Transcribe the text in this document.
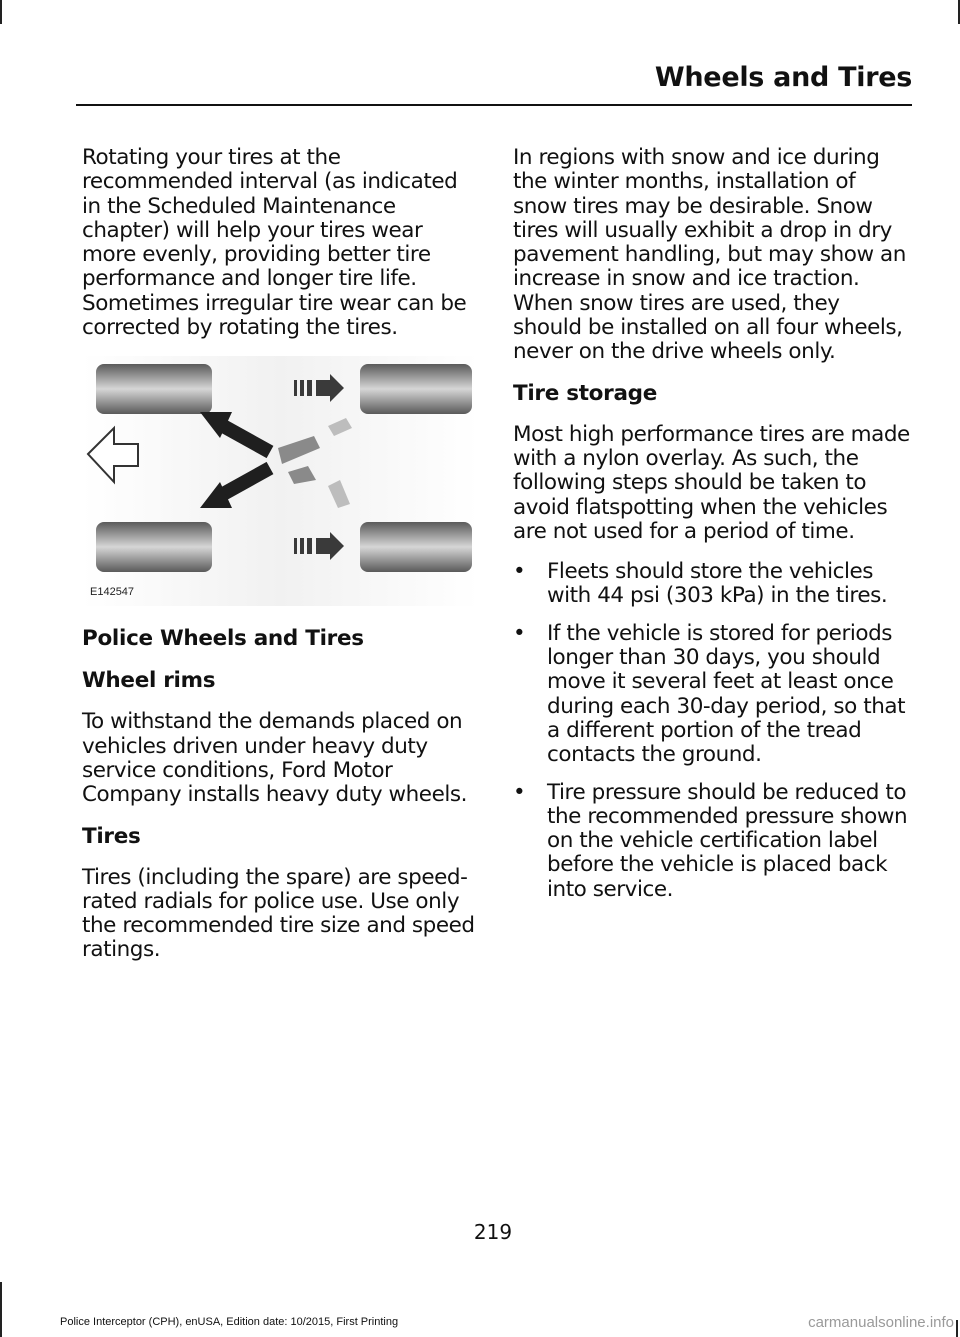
Wheels and Tires

Rotating your tires at the recommended interval (as indicated in the Scheduled Maintenance chapter) will help your tires wear more evenly, providing better tire performance and longer tire life. Sometimes irregular tire wear can be corrected by rotating the tires.

E142547
Police Wheels and Tires
Wheel rims

To withstand the demands placed on vehicles driven under heavy duty service conditions, Ford Motor Company installs heavy duty wheels.

Tires

Tires (including the spare) are speed-rated radials for police use. Use only the recommended tire size and speed ratings.

In regions with snow and ice during the winter months, installation of snow tires may be desirable. Snow tires will usually exhibit a drop in dry pavement handling, but may show an increase in snow and ice traction. When snow tires are used, they should be installed on all four wheels, never on the drive wheels only.

Tire storage

Most high performance tires are made with a nylon overlay. As such, the following steps should be taken to avoid flatspotting when the vehicles are not used for a period of time.

• Fleets should store the vehicles with 44 psi (303 kPa) in the tires.
• If the vehicle is stored for periods longer than 30 days, you should move it several feet at least once during each 30-day period, so that a different portion of the tread contacts the ground.
• Tire pressure should be reduced to the recommended pressure shown on the vehicle certification label before the vehicle is placed back into service.
219
Police Interceptor (CPH), enUSA, Edition date: 10/2015, First Printing	carmanualsonline.info
